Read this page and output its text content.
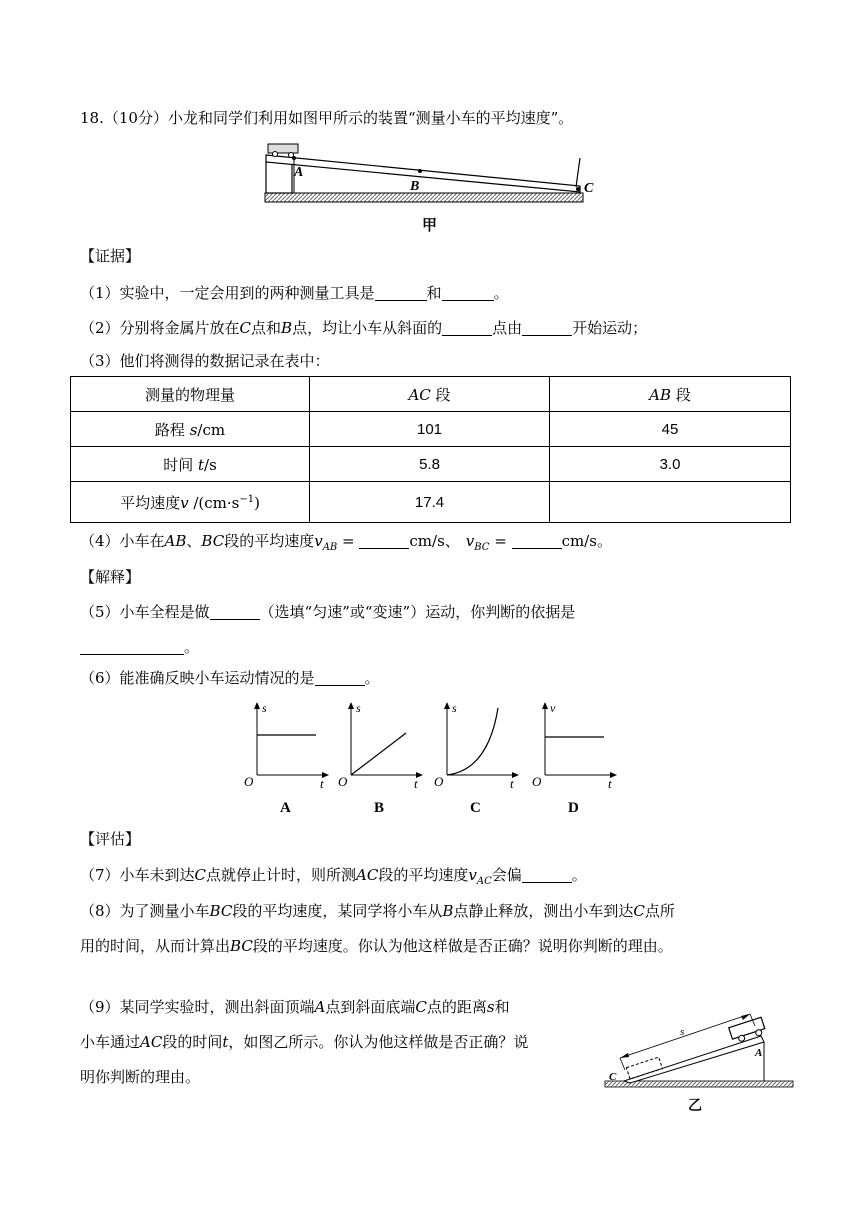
18.（10分）小龙和同学们利用如图甲所示的装置“测量小车的平均速度”。
A
B	C
甲
【证据】
（1）实验中，一定会用到的两种测量工具是	和	。
（2）分别将金属片放在C点和B点，均让小车从斜面的	点由	开始运动；
（3）他们将测得的数据记录在表中：
测量的物理量	AC 段	AB 段
路程 s/cm	101	45
时间 t/s	5.8	3.0
平均速度v $/(cm\cdot s^{-1})$	17.4	
（4）小车在AB、BC段的平均速度$v_{AB}$ =	cm/s、 $v_{BC}$ =	cm/s。
【解释】
（5）小车全程是做	（选填“匀速”或“变速”）运动，你判断的依据是
。
（6）能准确反映小车运动情况的是	。
s
O	t
A
s
O	t
B
s
O	t
C
v
O	t
D
【评估】
（7）小车未到达C点就停止计时，则所测AC段的平均速度$v_{AC}$会偏	。
（8）为了测量小车BC段的平均速度，某同学将小车从B点静止释放，测出小车到达C点所
用的时间，从而计算出BC段的平均速度。你认为他这样做是否正确？说明你判断的理由。
（9）某同学实验时，测出斜面顶端A点到斜面底端C点的距离s和
小车通过AC段的时间t，如图乙所示。你认为他这样做是否正确？说
明你判断的理由。
s
A
C
乙
